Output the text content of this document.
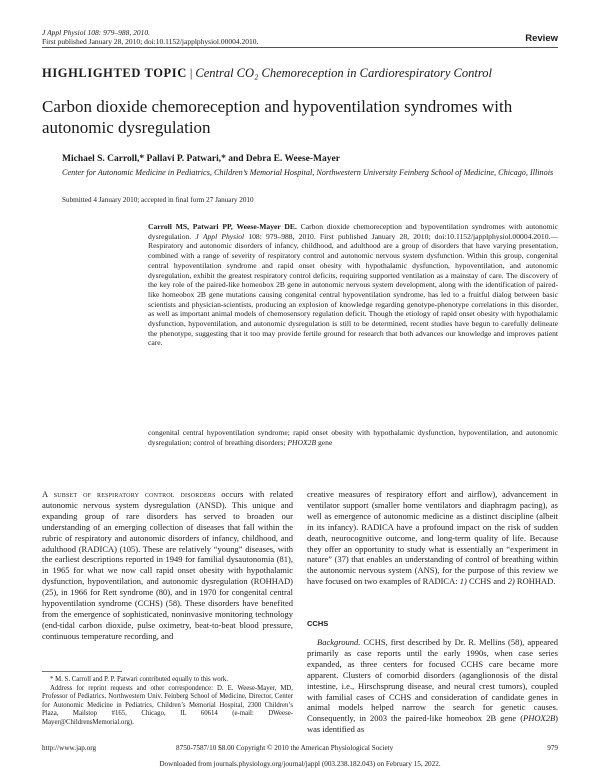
J Appl Physiol 108: 979–988, 2010.
First published January 28, 2010; doi:10.1152/japplphysiol.00004.2010.	Review
HIGHLIGHTED TOPIC | Central CO₂ Chemoreception in Cardiorespiratory Control
Carbon dioxide chemoreception and hypoventilation syndromes with
autonomic dysregulation
Michael S. Carroll,* Pallavi P. Patwari,* and Debra E. Weese-Mayer
Center for Autonomic Medicine in Pediatrics, Children’s Memorial Hospital, Northwestern University Feinberg School of Medicine, Chicago, Illinois
Submitted 4 January 2010; accepted in final form 27 January 2010
Carroll MS, Patwari PP, Weese-Mayer DE. Carbon dioxide chemoreception and hypoventilation syndromes with autonomic dysregulation. J Appl Physiol 108: 979–988, 2010. First published January 28, 2010; doi:10.1152/japplphysiol.00004.2010.—Respiratory and autonomic disorders of infancy, childhood, and adulthood are a group of disorders that have varying presentation, combined with a range of severity of respiratory control and autonomic nervous system dysfunction. Within this group, congenital central hypoventilation syndrome and rapid onset obesity with hypothalamic dysfunction, hypoventilation, and autonomic dysregulation, exhibit the greatest respiratory control deficits, requiring supported ventilation as a mainstay of care. The discovery of the key role of the paired-like homeobox 2B gene in autonomic nervous system development, along with the identification of paired-like homeobox 2B gene mutations causing congenital central hypoventilation syndrome, has led to a fruitful dialog between basic scientists and physician-scientists, producing an explosion of knowledge regarding genotype-phenotype correlations in this disorder, as well as important animal models of chemosensory regulation deficit. Though the etiology of rapid onset obesity with hypothalamic dysfunction, hypoventilation, and autonomic dysregulation is still to be determined, recent studies have begun to carefully delineate the phenotype, suggesting that it too may provide fertile ground for research that both advances our knowledge and improves patient care.
congenital central hypoventilation syndrome; rapid onset obesity with hypothalamic dysfunction, hypoventilation, and autonomic dysregulation; control of breathing disorders; PHOX2B gene
A subset of respiratory control disorders occurs with related autonomic nervous system dysregulation (ANSD). This unique and expanding group of rare disorders has served to broaden our understanding of an emerging collection of diseases that fall within the rubric of respiratory and autonomic disorders of infancy, childhood, and adulthood (RADICA) (105). These are relatively “young” diseases, with the earliest descriptions reported in 1949 for familial dysautonomia (81), in 1965 for what we now call rapid onset obesity with hypothalamic dysfunction, hypoventilation, and autonomic dysregulation (ROHHAD) (25), in 1966 for Rett syndrome (80), and in 1970 for congenital central hypoventilation syndrome (CCHS) (58). These disorders have benefited from the emergence of sophisticated, noninvasive monitoring technology (end-tidal carbon dioxide, pulse oximetry, beat-to-beat blood pressure, continuous temperature recording, and
* M. S. Carroll and P. P. Patwari contributed equally to this work.
Address for reprint requests and other correspondence: D. E. Weese-Mayer, MD, Professor of Pediatrics, Northwestern Univ. Feinberg School of Medicine, Director, Center for Autonomic Medicine in Pediatrics, Children’s Memorial Hospital, 2300 Children’s Plaza, Mailstop #165, Chicago, IL 60614 (e-mail: DWeese-Mayer@ChildrensMemorial.org).
creative measures of respiratory effort and airflow), advancement in ventilator support (smaller home ventilators and diaphragm pacing), as well as emergence of autonomic medicine as a distinct discipline (albeit in its infancy). RADICA have a profound impact on the risk of sudden death, neurocognitive outcome, and long-term quality of life. Because they offer an opportunity to study what is essentially an “experiment in nature” (37) that enables an understanding of control of breathing within the autonomic nervous system (ANS), for the purpose of this review we have focused on two examples of RADICA: 1) CCHS and 2) ROHHAD.
CCHS
Background. CCHS, first described by Dr. R. Mellins (58), appeared primarily as case reports until the early 1990s, when case series expanded, as three centers for focused CCHS care became more apparent. Clusters of comorbid disorders (aganglionosis of the distal intestine, i.e., Hirschsprung disease, and neural crest tumors), coupled with familial cases of CCHS and consideration of candidate genes in animal models helped narrow the search for genetic causes. Consequently, in 2003 the paired-like homeobox 2B gene (PHOX2B) was identified as
http://www.jap.org	8750-7587/10 $8.00 Copyright © 2010 the American Physiological Society	979
Downloaded from journals.physiology.org/journal/jappl (003.238.182.043) on February 15, 2022.
